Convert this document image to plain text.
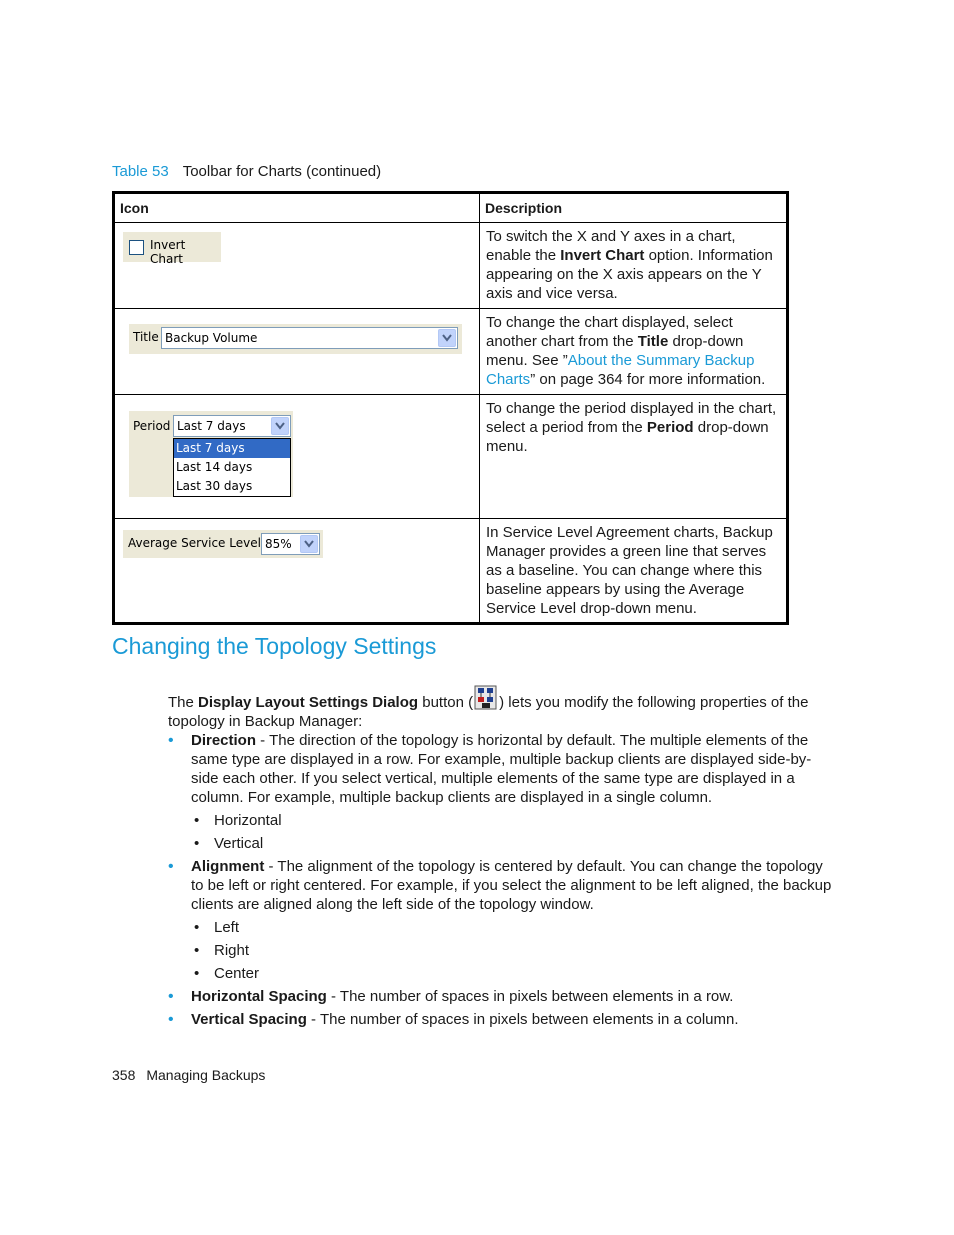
Table 53 Toolbar for Charts (continued)
Icon	Description

Invert Chart	To switch the X and Y axes in a chart, enable the Invert Chart option. Information appearing on the X axis appears on the Y axis and vice versa.

Title Backup Volume	To change the chart displayed, select another chart from the Title drop-down menu. See ”About the Summary Backup Charts” on page 364 for more information.

Period Last 7 days
Last 7 days
Last 14 days
Last 30 days	To change the period displayed in the chart, select a period from the Period drop-down menu.

Average Service Level 85%	In Service Level Agreement charts, Backup Manager provides a green line that serves as a baseline. You can change where this baseline appears by using the Average Service Level drop-down menu.
Changing the Topology Settings
The Display Layout Settings Dialog button ( ) lets you modify the following properties of the topology in Backup Manager:
• Direction - The direction of the topology is horizontal by default. The multiple elements of the same type are displayed in a row. For example, multiple backup clients are displayed side-by-side each other. If you select vertical, multiple elements of the same type are displayed in a column. For example, multiple backup clients are displayed in a single column.
• Horizontal
• Vertical
• Alignment - The alignment of the topology is centered by default. You can change the topology to be left or right centered. For example, if you select the alignment to be left aligned, the backup clients are aligned along the left side of the topology window.
• Left
• Right
• Center
• Horizontal Spacing - The number of spaces in pixels between elements in a row.
• Vertical Spacing - The number of spaces in pixels between elements in a column.
358 Managing Backups
